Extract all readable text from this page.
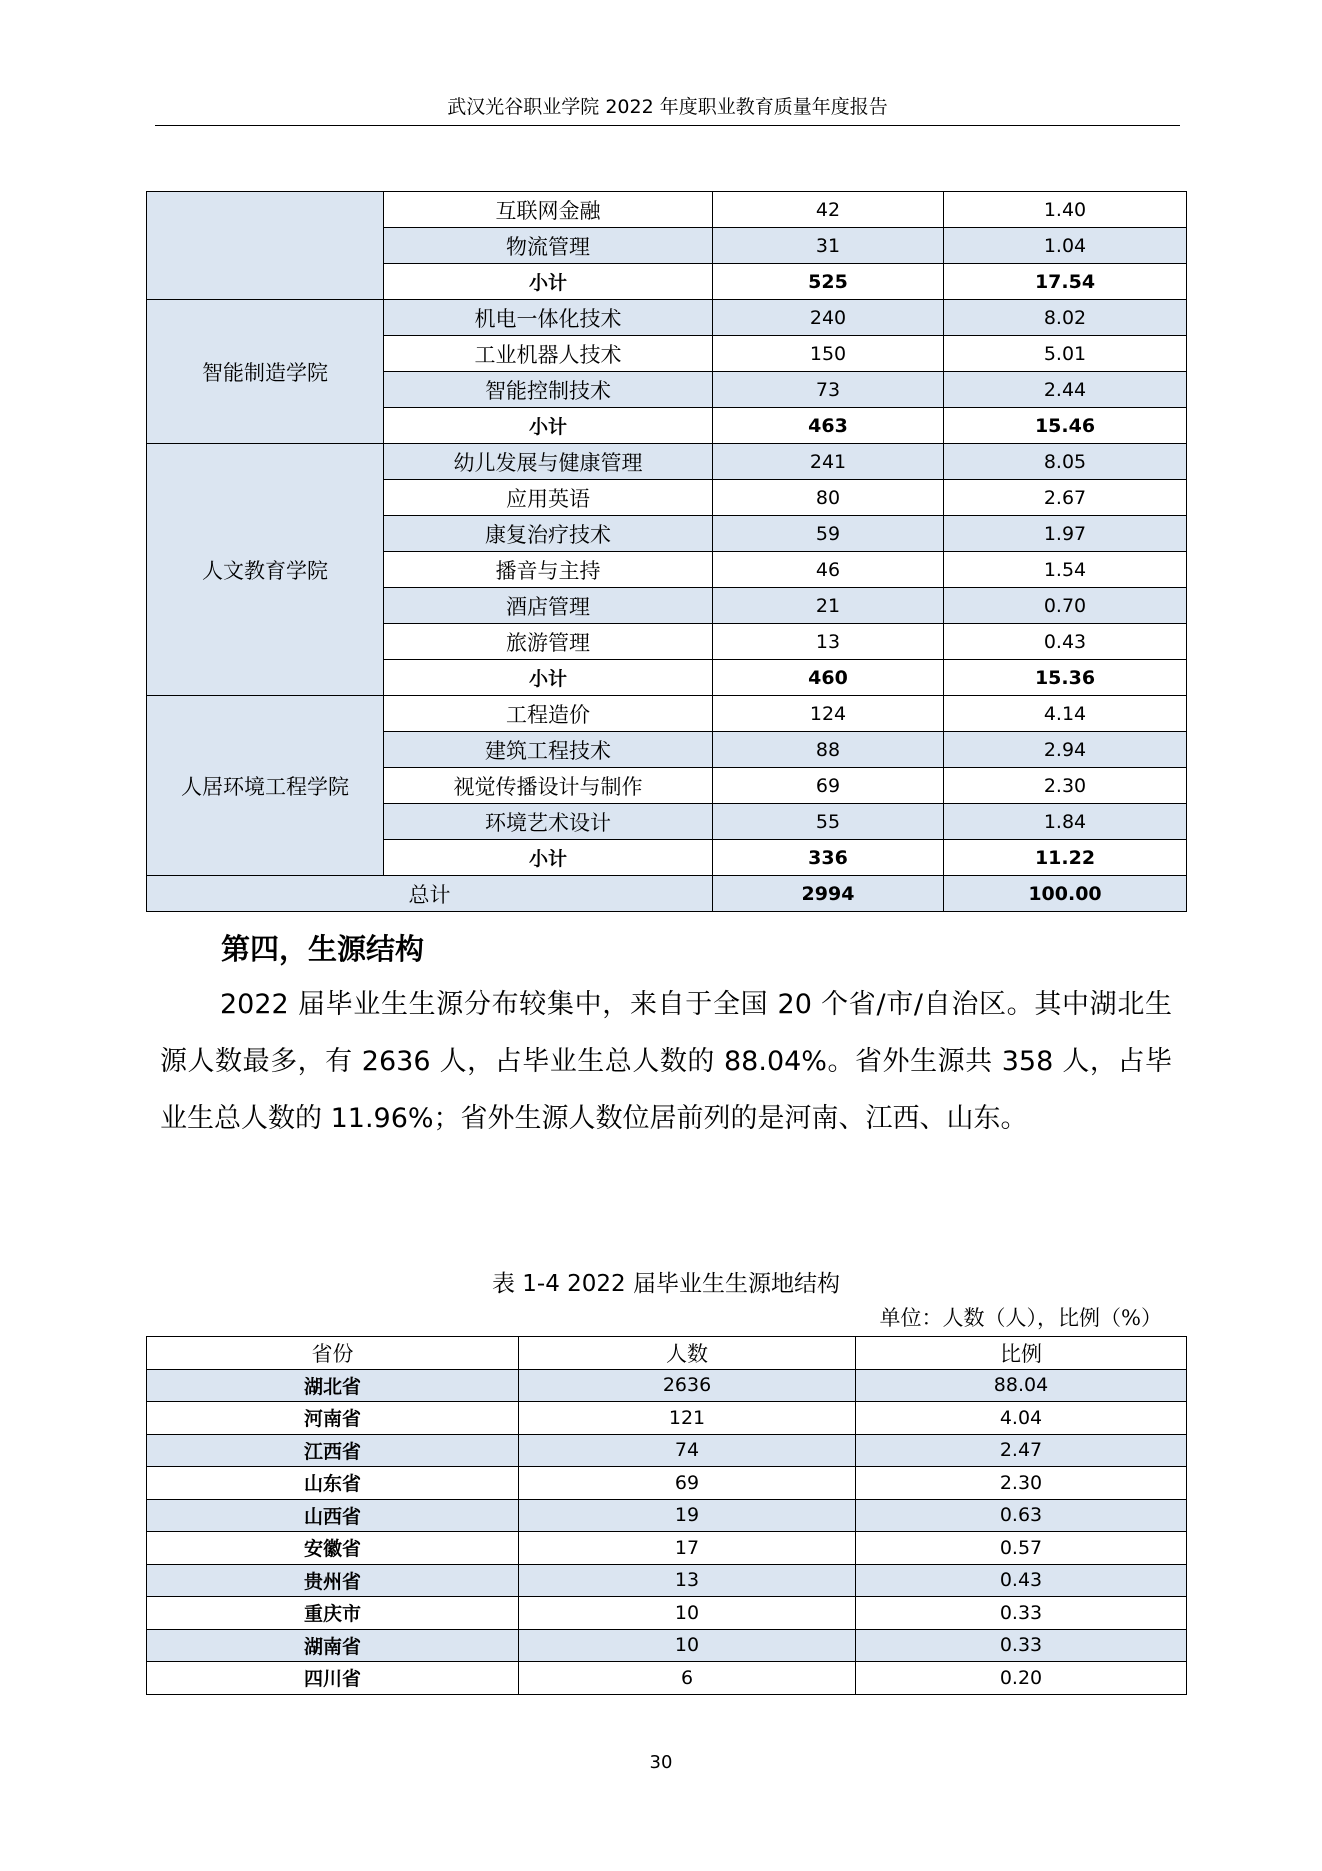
武汉光谷职业学院 2022 年度职业教育质量年度报告
	互联网金融	42	1.40
	物流管理	31	1.04
	小计	525	17.54
智能制造学院	机电一体化技术	240	8.02
	工业机器人技术	150	5.01
	智能控制技术	73	2.44
	小计	463	15.46
人文教育学院	幼儿发展与健康管理	241	8.05
	应用英语	80	2.67
	康复治疗技术	59	1.97
	播音与主持	46	1.54
	酒店管理	21	0.70
	旅游管理	13	0.43
	小计	460	15.36
人居环境工程学院	工程造价	124	4.14
	建筑工程技术	88	2.94
	视觉传播设计与制作	69	2.30
	环境艺术设计	55	1.84
	小计	336	11.22
总计		2994	100.00
第四，生源结构
2022 届毕业生生源分布较集中，来自于全国 20 个省/市/自治区。其中湖北生源人数最多，有 2636 人，占毕业生总人数的 88.04%。省外生源共 358 人，占毕业生总人数的 11.96%；省外生源人数位居前列的是河南、江西、山东。
表 1-4 2022 届毕业生生源地结构
单位：人数（人），比例（%）
省份	人数	比例
湖北省	2636	88.04
河南省	121	4.04
江西省	74	2.47
山东省	69	2.30
山西省	19	0.63
安徽省	17	0.57
贵州省	13	0.43
重庆市	10	0.33
湖南省	10	0.33
四川省	6	0.20
30
